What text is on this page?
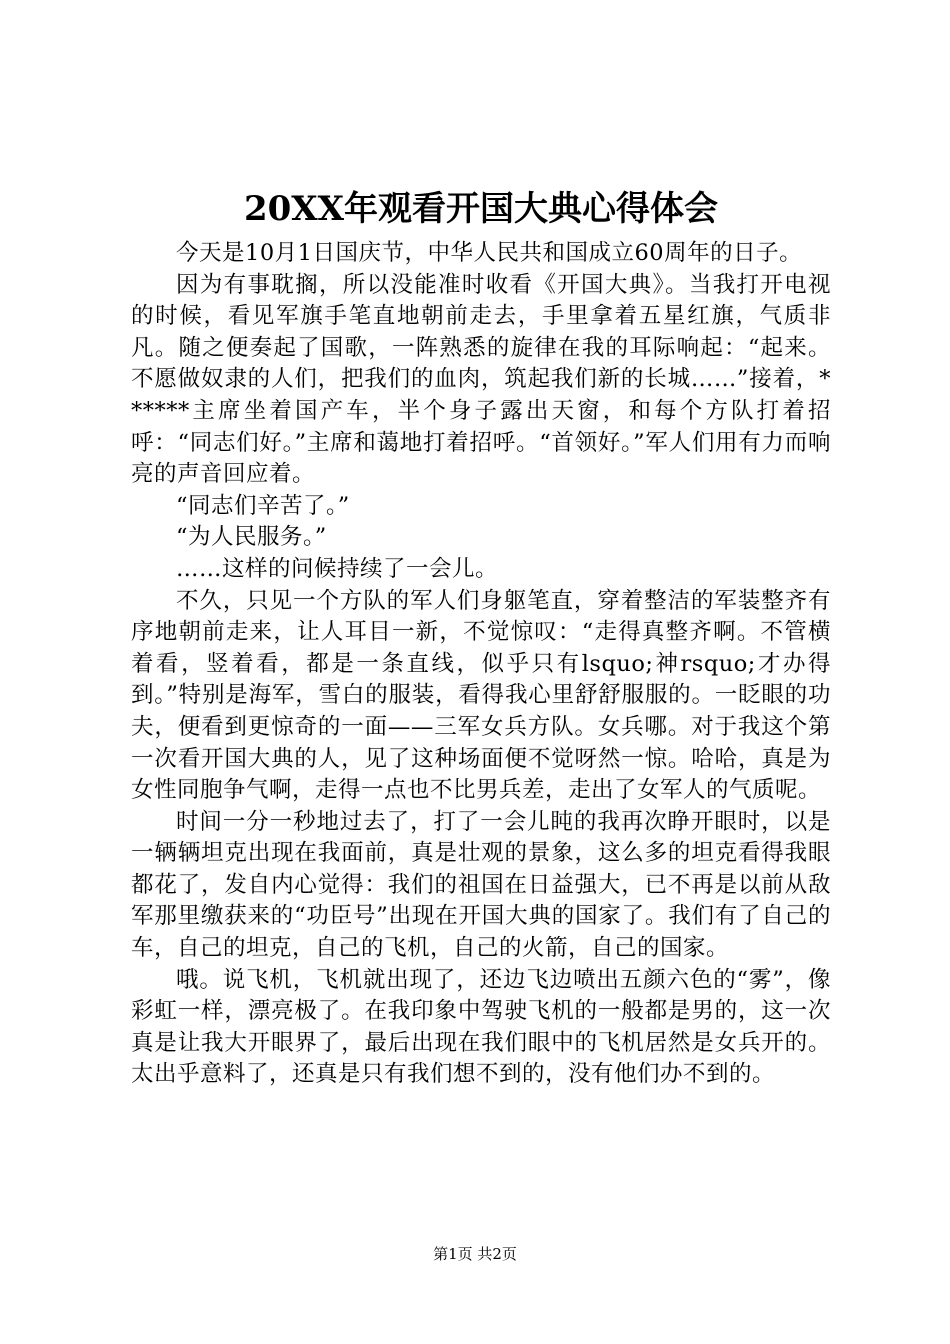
20XX年观看开国大典心得体会

今天是10月1日国庆节，中华人民共和国成立60周年的日子。

因为有事耽搁，所以没能准时收看《开国大典》。当我打开电视的时候，看见军旗手笔直地朝前走去，手里拿着五星红旗，气质非凡。随之便奏起了国歌，一阵熟悉的旋律在我的耳际响起：“起来。不愿做奴隶的人们，把我们的血肉，筑起我们新的长城……”接着，******主席坐着国产车，半个身子露出天窗，和每个方队打着招呼：“同志们好。”主席和蔼地打着招呼。“首领好。”军人们用有力而响亮的声音回应着。

“同志们辛苦了。”

“为人民服务。”

……这样的问候持续了一会儿。

不久，只见一个方队的军人们身躯笔直，穿着整洁的军装整齐有序地朝前走来，让人耳目一新，不觉惊叹：“走得真整齐啊。不管横着看，竖着看，都是一条直线，似乎只有lsquo;神rsquo;才办得到。”特别是海军，雪白的服装，看得我心里舒舒服服的。一眨眼的功夫，便看到更惊奇的一面——三军女兵方队。女兵哪。对于我这个第一次看开国大典的人，见了这种场面便不觉呀然一惊。哈哈，真是为女性同胞争气啊，走得一点也不比男兵差，走出了女军人的气质呢。

时间一分一秒地过去了，打了一会儿盹的我再次睁开眼时，以是一辆辆坦克出现在我面前，真是壮观的景象，这么多的坦克看得我眼都花了，发自内心觉得：我们的祖国在日益强大，已不再是以前从敌军那里缴获来的“功臣号”出现在开国大典的国家了。我们有了自己的车，自己的坦克，自己的飞机，自己的火箭，自己的国家。

哦。说飞机，飞机就出现了，还边飞边喷出五颜六色的“雾”，像彩虹一样，漂亮极了。在我印象中驾驶飞机的一般都是男的，这一次真是让我大开眼界了，最后出现在我们眼中的飞机居然是女兵开的。太出乎意料了，还真是只有我们想不到的，没有他们办不到的。

第1页 共2页
